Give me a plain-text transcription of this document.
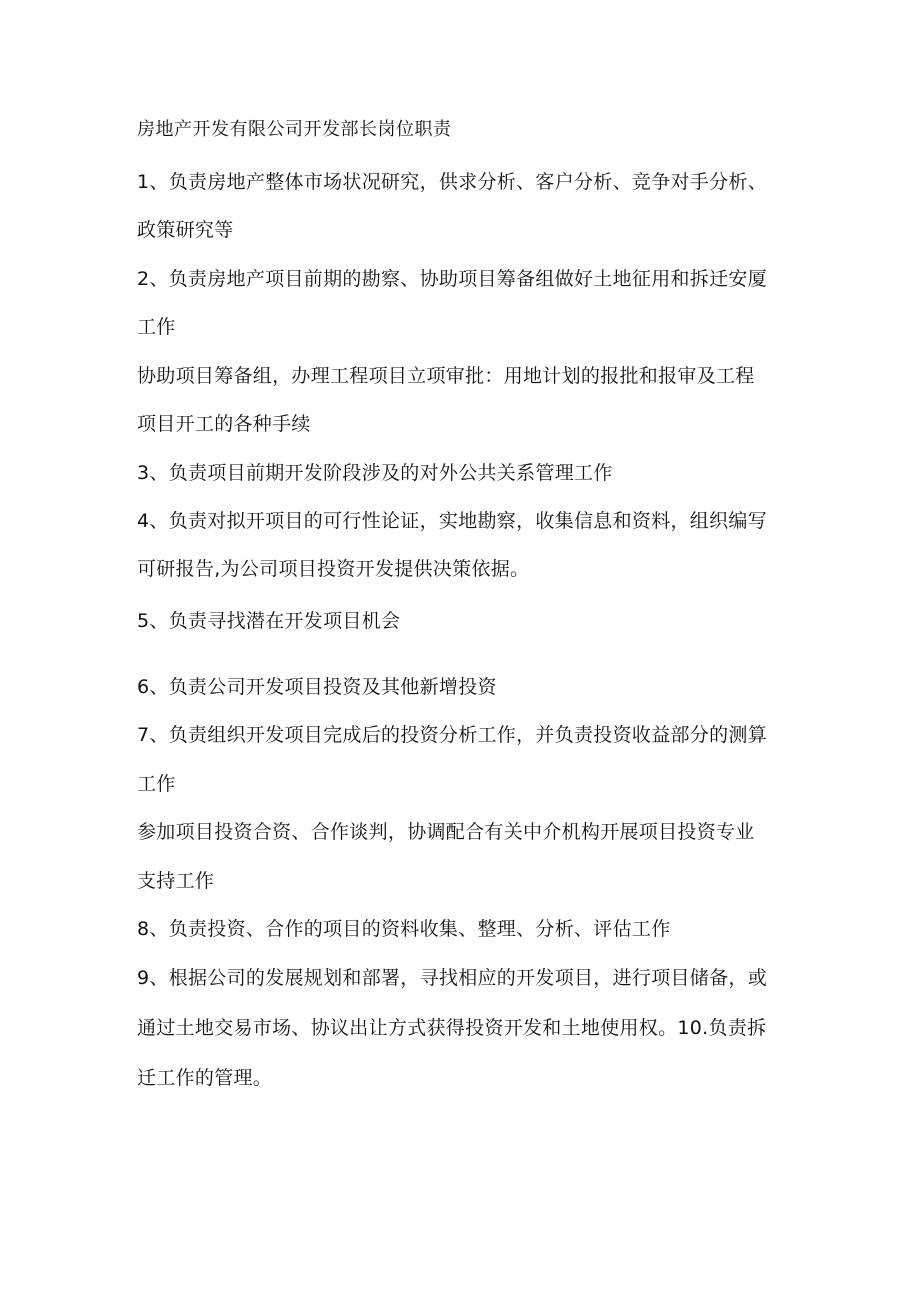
房地产开发有限公司开发部长岗位职责
1、负责房地产整体市场状况研究，供求分析、客户分析、竞争对手分析、
政策研究等
2、负责房地产项目前期的勘察、协助项目筹备组做好土地征用和拆迁安厦
工作
协助项目筹备组，办理工程项目立项审批：用地计划的报批和报审及工程
项目开工的各种手续
3、负责项目前期开发阶段涉及的对外公共关系管理工作
4、负责对拟开项目的可行性论证，实地勘察，收集信息和资料，组织编写
可研报告,为公司项目投资开发提供决策依据。
5、负责寻找潜在开发项目机会
6、负责公司开发项目投资及其他新增投资
7、负责组织开发项目完成后的投资分析工作，并负责投资收益部分的测算
工作
参加项目投资合资、合作谈判，协调配合有关中介机构开展项目投资专业
支持工作
8、负责投资、合作的项目的资料收集、整理、分析、评估工作
9、根据公司的发展规划和部署，寻找相应的开发项目，进行项目储备，或
通过土地交易市场、协议出让方式获得投资开发和土地使用权。10.负责拆
迁工作的管理。
